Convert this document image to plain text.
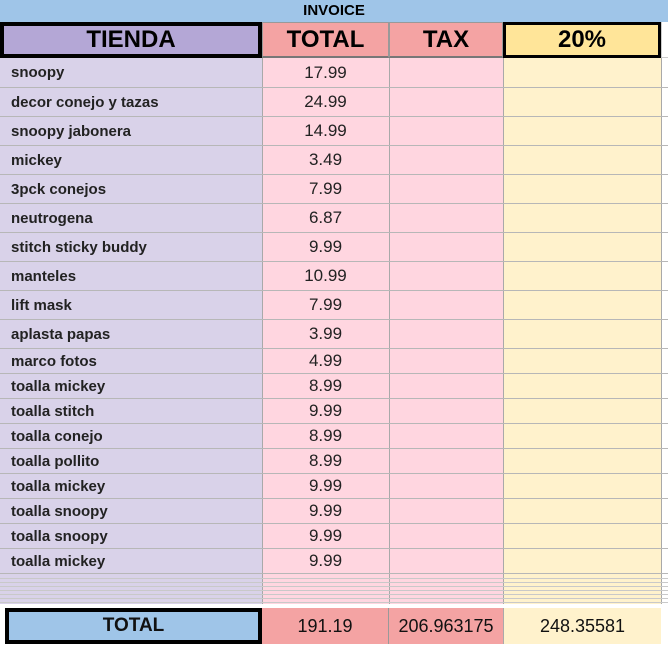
INVOICE
TIENDA	TOTAL	TAX	20%
snoopy	17.99
decor conejo y tazas	24.99
snoopy jabonera	14.99
mickey	3.49
3pck conejos	7.99
neutrogena	6.87
stitch sticky buddy	9.99
manteles	10.99
lift mask	7.99
aplasta papas	3.99
marco fotos	4.99
toalla mickey	8.99
toalla stitch	9.99
toalla conejo	8.99
toalla pollito	8.99
toalla mickey	9.99
toalla snoopy	9.99
toalla snoopy	9.99
toalla mickey	9.99
TOTAL	191.19	206.963175	248.35581
